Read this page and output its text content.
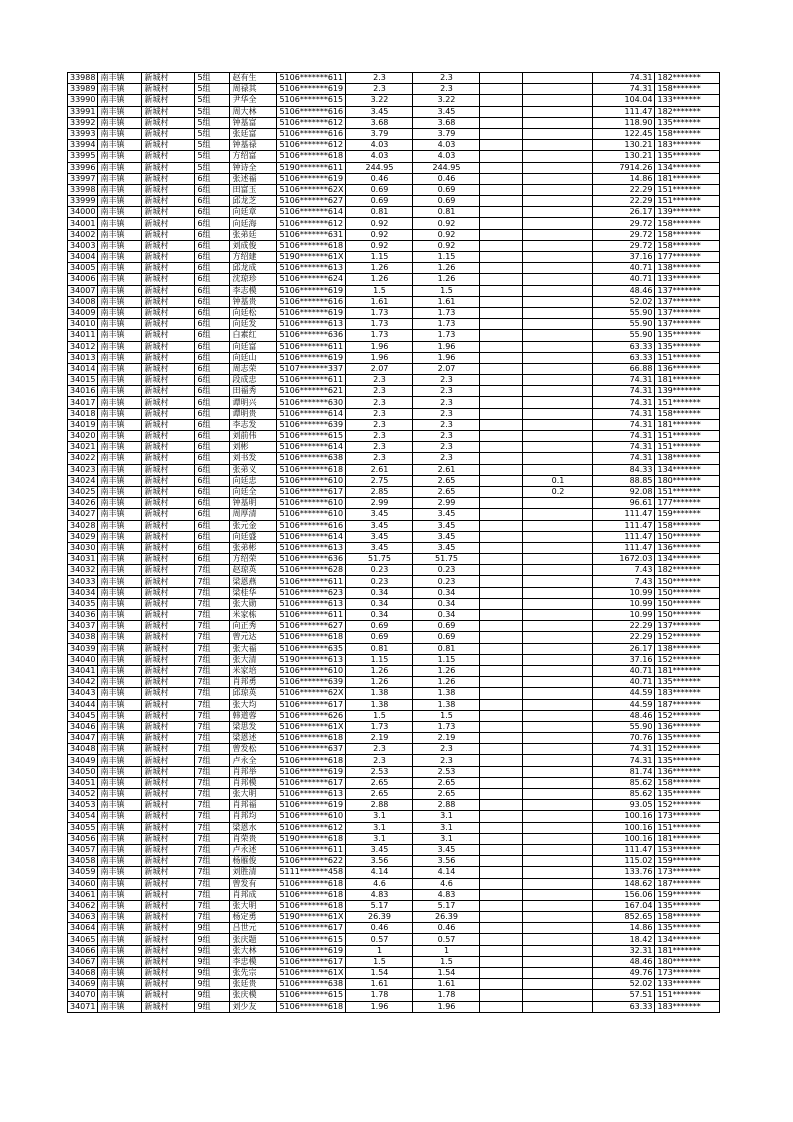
33988	南丰镇	新城村	5组	赵有生	5106*******611	2.3	2.3			74.31	182*******
33989	南丰镇	新城村	5组	周禄其	5106*******619	2.3	2.3			74.31	158*******
33990	南丰镇	新城村	5组	尹华全	5106*******615	3.22	3.22			104.04	133*******
33991	南丰镇	新城村	5组	周大林	5106*******616	3.45	3.45			111.47	182*******
33992	南丰镇	新城村	5组	钟基富	5106*******612	3.68	3.68			118.90	135*******
33993	南丰镇	新城村	5组	张廷富	5106*******616	3.79	3.79			122.45	158*******
33994	南丰镇	新城村	5组	钟基禄	5106*******612	4.03	4.03			130.21	183*******
33995	南丰镇	新城村	5组	方绍富	5106*******618	4.03	4.03			130.21	135*******
33996	南丰镇	新城村	5组	钟诗全	5190*******611	244.95	244.95			7914.26	134*******
33997	南丰镇	新城村	6组	张述福	5106*******619	0.46	0.46			14.86	181*******
33998	南丰镇	新城村	6组	田富玉	5106*******62X	0.69	0.69			22.29	151*******
33999	南丰镇	新城村	6组	邱龙芝	5106*******627	0.69	0.69			22.29	151*******
34000	南丰镇	新城村	6组	向廷章	5106*******614	0.81	0.81			26.17	139*******
34001	南丰镇	新城村	6组	向廷海	5106*******612	0.92	0.92			29.72	158*******
34002	南丰镇	新城村	6组	张弟廷	5106*******631	0.92	0.92			29.72	158*******
34003	南丰镇	新城村	6组	刘成俊	5106*******618	0.92	0.92			29.72	158*******
34004	南丰镇	新城村	6组	方绍建	5190*******61X	1.15	1.15			37.16	177*******
34005	南丰镇	新城村	6组	邱龙成	5106*******613	1.26	1.26			40.71	138*******
34006	南丰镇	新城村	6组	沈琼珍	5106*******624	1.26	1.26			40.71	133*******
34007	南丰镇	新城村	6组	李志模	5106*******619	1.5	1.5			48.46	137*******
34008	南丰镇	新城村	6组	钟基贵	5106*******616	1.61	1.61			52.02	137*******
34009	南丰镇	新城村	6组	向廷松	5106*******619	1.73	1.73			55.90	137*******
34010	南丰镇	新城村	6组	向廷发	5106*******613	1.73	1.73			55.90	137*******
34011	南丰镇	新城村	6组	白素红	5106*******636	1.73	1.73			55.90	135*******
34012	南丰镇	新城村	6组	向廷富	5106*******611	1.96	1.96			63.33	135*******
34013	南丰镇	新城村	6组	向廷山	5106*******619	1.96	1.96			63.33	151*******
34014	南丰镇	新城村	6组	周志荣	5107*******337	2.07	2.07			66.88	136*******
34015	南丰镇	新城村	6组	段成忠	5106*******611	2.3	2.3			74.31	181*******
34016	南丰镇	新城村	6组	田福秀	5106*******621	2.3	2.3			74.31	139*******
34017	南丰镇	新城村	6组	谭明兴	5106*******630	2.3	2.3			74.31	151*******
34018	南丰镇	新城村	6组	谭明贵	5106*******614	2.3	2.3			74.31	158*******
34019	南丰镇	新城村	6组	李志发	5106*******639	2.3	2.3			74.31	181*******
34020	南丰镇	新城村	6组	刘前伟	5106*******615	2.3	2.3			74.31	151*******
34021	南丰镇	新城村	6组	刘彬	5106*******614	2.3	2.3			74.31	151*******
34022	南丰镇	新城村	6组	刘书发	5106*******638	2.3	2.3			74.31	138*******
34023	南丰镇	新城村	6组	张弟义	5106*******618	2.61	2.61			84.33	134*******
34024	南丰镇	新城村	6组	向廷忠	5106*******610	2.75	2.65		0.1	88.85	180*******
34025	南丰镇	新城村	6组	向廷全	5106*******617	2.85	2.65		0.2	92.08	151*******
34026	南丰镇	新城村	6组	钟基明	5106*******610	2.99	2.99			96.61	177*******
34027	南丰镇	新城村	6组	周厚清	5106*******610	3.45	3.45			111.47	159*******
34028	南丰镇	新城村	6组	张元金	5106*******616	3.45	3.45			111.47	158*******
34029	南丰镇	新城村	6组	向廷盛	5106*******614	3.45	3.45			111.47	150*******
34030	南丰镇	新城村	6组	张弟彬	5106*******613	3.45	3.45			111.47	136*******
34031	南丰镇	新城村	6组	方绍荣	5106*******636	51.75	51.75			1672.03	134*******
34032	南丰镇	新城村	7组	赵琼英	5106*******628	0.23	0.23			7.43	182*******
34033	南丰镇	新城村	7组	梁恩燕	5106*******611	0.23	0.23			7.43	150*******
34034	南丰镇	新城村	7组	梁桂华	5106*******623	0.34	0.34			10.99	150*******
34035	南丰镇	新城村	7组	张大勋	5106*******613	0.34	0.34			10.99	150*******
34036	南丰镇	新城村	7组	米家栋	5106*******611	0.34	0.34			10.99	150*******
34037	南丰镇	新城村	7组	向正秀	5106*******627	0.69	0.69			22.29	137*******
34038	南丰镇	新城村	7组	曾元达	5106*******618	0.69	0.69			22.29	152*******
34039	南丰镇	新城村	7组	张大福	5106*******635	0.81	0.81			26.17	138*******
34040	南丰镇	新城村	7组	张大清	5190*******613	1.15	1.15			37.16	152*******
34041	南丰镇	新城村	7组	米家培	5106*******610	1.26	1.26			40.71	181*******
34042	南丰镇	新城村	7组	肖邦勇	5106*******639	1.26	1.26			40.71	135*******
34043	南丰镇	新城村	7组	邱琼英	5106*******62X	1.38	1.38			44.59	183*******
34044	南丰镇	新城村	7组	张大均	5106*******617	1.38	1.38			44.59	187*******
34045	南丰镇	新城村	7组	韩道蓉	5106*******626	1.5	1.5			48.46	152*******
34046	南丰镇	新城村	7组	梁思发	5106*******61X	1.73	1.73			55.90	136*******
34047	南丰镇	新城村	7组	梁恩述	5106*******618	2.19	2.19			70.76	135*******
34048	南丰镇	新城村	7组	曾发松	5106*******637	2.3	2.3			74.31	152*******
34049	南丰镇	新城村	7组	卢永全	5106*******618	2.3	2.3			74.31	135*******
34050	南丰镇	新城村	7组	肖邦举	5106*******619	2.53	2.53			81.74	136*******
34051	南丰镇	新城村	7组	肖邦模	5106*******617	2.65	2.65			85.62	158*******
34052	南丰镇	新城村	7组	张大明	5106*******613	2.65	2.65			85.62	135*******
34053	南丰镇	新城村	7组	肖邦福	5106*******619	2.88	2.88			93.05	152*******
34054	南丰镇	新城村	7组	肖邦均	5106*******610	3.1	3.1			100.16	173*******
34055	南丰镇	新城村	7组	梁恩水	5106*******612	3.1	3.1			100.16	151*******
34056	南丰镇	新城村	7组	肖荣贵	5190*******618	3.1	3.1			100.16	181*******
34057	南丰镇	新城村	7组	卢永述	5106*******611	3.45	3.45			111.47	153*******
34058	南丰镇	新城村	7组	杨雁俊	5106*******622	3.56	3.56			115.02	159*******
34059	南丰镇	新城村	7组	刘胜清	5111*******458	4.14	4.14			133.76	173*******
34060	南丰镇	新城村	7组	曾发有	5106*******618	4.6	4.6			148.62	187*******
34061	南丰镇	新城村	7组	肖邦成	5106*******618	4.83	4.83			156.06	159*******
34062	南丰镇	新城村	7组	张大明	5106*******618	5.17	5.17			167.04	135*******
34063	南丰镇	新城村	7组	杨定勇	5190*******61X	26.39	26.39			852.65	158*******
34064	南丰镇	新城村	9组	吕世元	5106*******617	0.46	0.46			14.86	135*******
34065	南丰镇	新城村	9组	张庆题	5106*******615	0.57	0.57			18.42	134*******
34066	南丰镇	新城村	9组	张大林	5106*******619	1	1			32.31	181*******
34067	南丰镇	新城村	9组	李忠模	5106*******617	1.5	1.5			48.46	180*******
34068	南丰镇	新城村	9组	张先宗	5106*******61X	1.54	1.54			49.76	173*******
34069	南丰镇	新城村	9组	张廷贵	5106*******638	1.61	1.61			52.02	133*******
34070	南丰镇	新城村	9组	张庆模	5106*******615	1.78	1.78			57.51	151*******
34071	南丰镇	新城村	9组	刘少友	5106*******618	1.96	1.96			63.33	183*******
